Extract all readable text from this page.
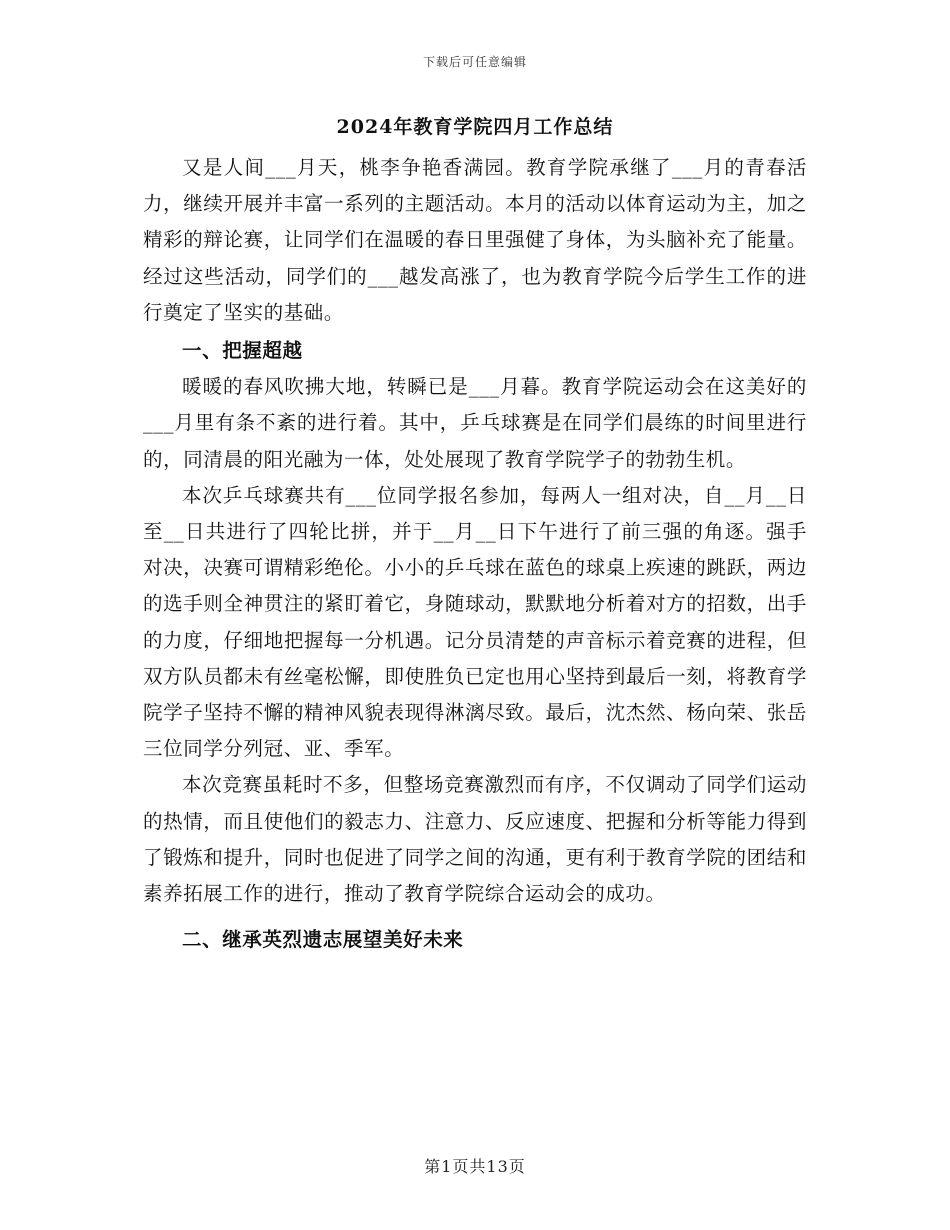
下载后可任意编辑
2024年教育学院四月工作总结

又是人间___月天，桃李争艳香满园。教育学院承继了___月的青春活力，继续开展并丰富一系列的主题活动。本月的活动以体育运动为主，加之精彩的辩论赛，让同学们在温暖的春日里强健了身体，为头脑补充了能量。经过这些活动，同学们的___越发高涨了，也为教育学院今后学生工作的进行奠定了坚实的基础。

一、把握超越

暖暖的春风吹拂大地，转瞬已是___月暮。教育学院运动会在这美好的___月里有条不紊的进行着。其中，乒乓球赛是在同学们晨练的时间里进行的，同清晨的阳光融为一体，处处展现了教育学院学子的勃勃生机。

本次乒乓球赛共有___位同学报名参加，每两人一组对决，自__月__日至__日共进行了四轮比拼，并于__月__日下午进行了前三强的角逐。强手对决，决赛可谓精彩绝伦。小小的乒乓球在蓝色的球桌上疾速的跳跃，两边的选手则全神贯注的紧盯着它，身随球动，默默地分析着对方的招数，出手的力度，仔细地把握每一分机遇。记分员清楚的声音标示着竞赛的进程，但双方队员都未有丝毫松懈，即使胜负已定也用心坚持到最后一刻，将教育学院学子坚持不懈的精神风貌表现得淋漓尽致。最后，沈杰然、杨向荣、张岳三位同学分列冠、亚、季军。

本次竞赛虽耗时不多，但整场竞赛激烈而有序，不仅调动了同学们运动的热情，而且使他们的毅志力、注意力、反应速度、把握和分析等能力得到了锻炼和提升，同时也促进了同学之间的沟通，更有利于教育学院的团结和素养拓展工作的进行，推动了教育学院综合运动会的成功。

二、继承英烈遗志展望美好未来

第1页共13页
